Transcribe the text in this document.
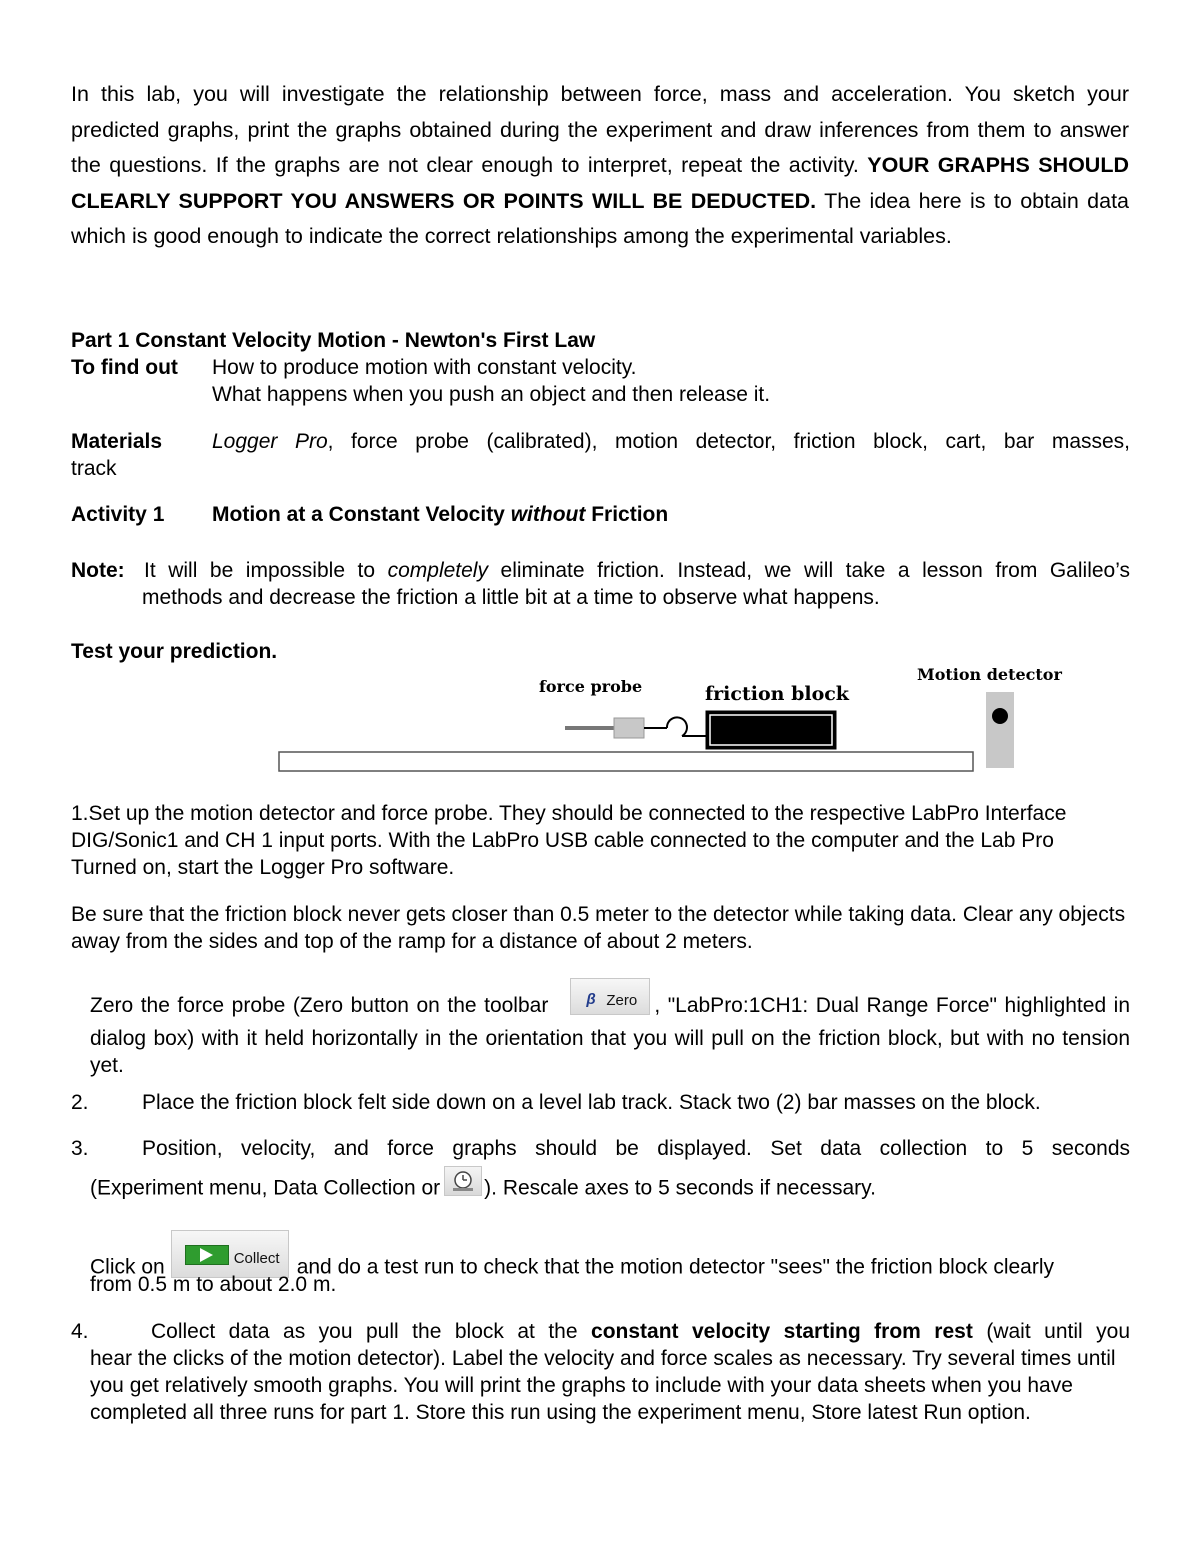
In this lab, you will investigate the relationship between force, mass and acceleration. You sketch your predicted graphs, print the graphs obtained during the experiment and draw inferences from them to answer the questions. If the graphs are not clear enough to interpret, repeat the activity. YOUR GRAPHS SHOULD CLEARLY SUPPORT YOU ANSWERS OR POINTS WILL BE DEDUCTED. The idea here is to obtain data which is good enough to indicate the correct relationships among the experimental variables.

Part 1 Constant Velocity Motion - Newton's First Law

To find out How to produce motion with constant velocity.

What happens when you push an object and then release it.

Materials Logger Pro, force probe (calibrated), motion detector, friction block, cart, bar masses,

track

Activity 1 Motion at a Constant Velocity without Friction

Note: It will be impossible to completely eliminate friction. Instead, we will take a lesson from Galileo’s

methods and decrease the friction a little bit at a time to observe what happens.

Test your prediction.

force probe	friction block
Motion detector

1.Set up the motion detector and force probe. They should be connected to the respective LabPro Interface DIG/Sonic1 and CH 1 input ports. With the LabPro USB cable connected to the computer and the Lab Pro Turned on, start the Logger Pro software.

Be sure that the friction block never gets closer than 0.5 meter to the detector while taking data. Clear any objects away from the sides and top of the ramp for a distance of about 2 meters.

Zero the force probe (Zero button on the toolbar	β Zero , "LabPro:1CH1: Dual Range Force" highlighted in dialog box) with it held horizontally in the orientation that you will pull on the friction block, but with no tension yet.

2.	Place the friction block felt side down on a level lab track. Stack two (2) bar masses on the block.

3.	Position, velocity, and force graphs should be displayed. Set data collection to 5 seconds

(Experiment menu, Data Collection or ). Rescale axes to 5 seconds if necessary.

Click on	Collect and do a test run to check that the motion detector "sees" the friction block clearly

from 0.5 m to about 2.0 m.

4.	Collect data as you pull the block at the constant velocity starting from rest (wait until you

hear the clicks of the motion detector). Label the velocity and force scales as necessary. Try several times until you get relatively smooth graphs. You will print the graphs to include with your data sheets when you have completed all three runs for part 1. Store this run using the experiment menu, Store latest Run option.
